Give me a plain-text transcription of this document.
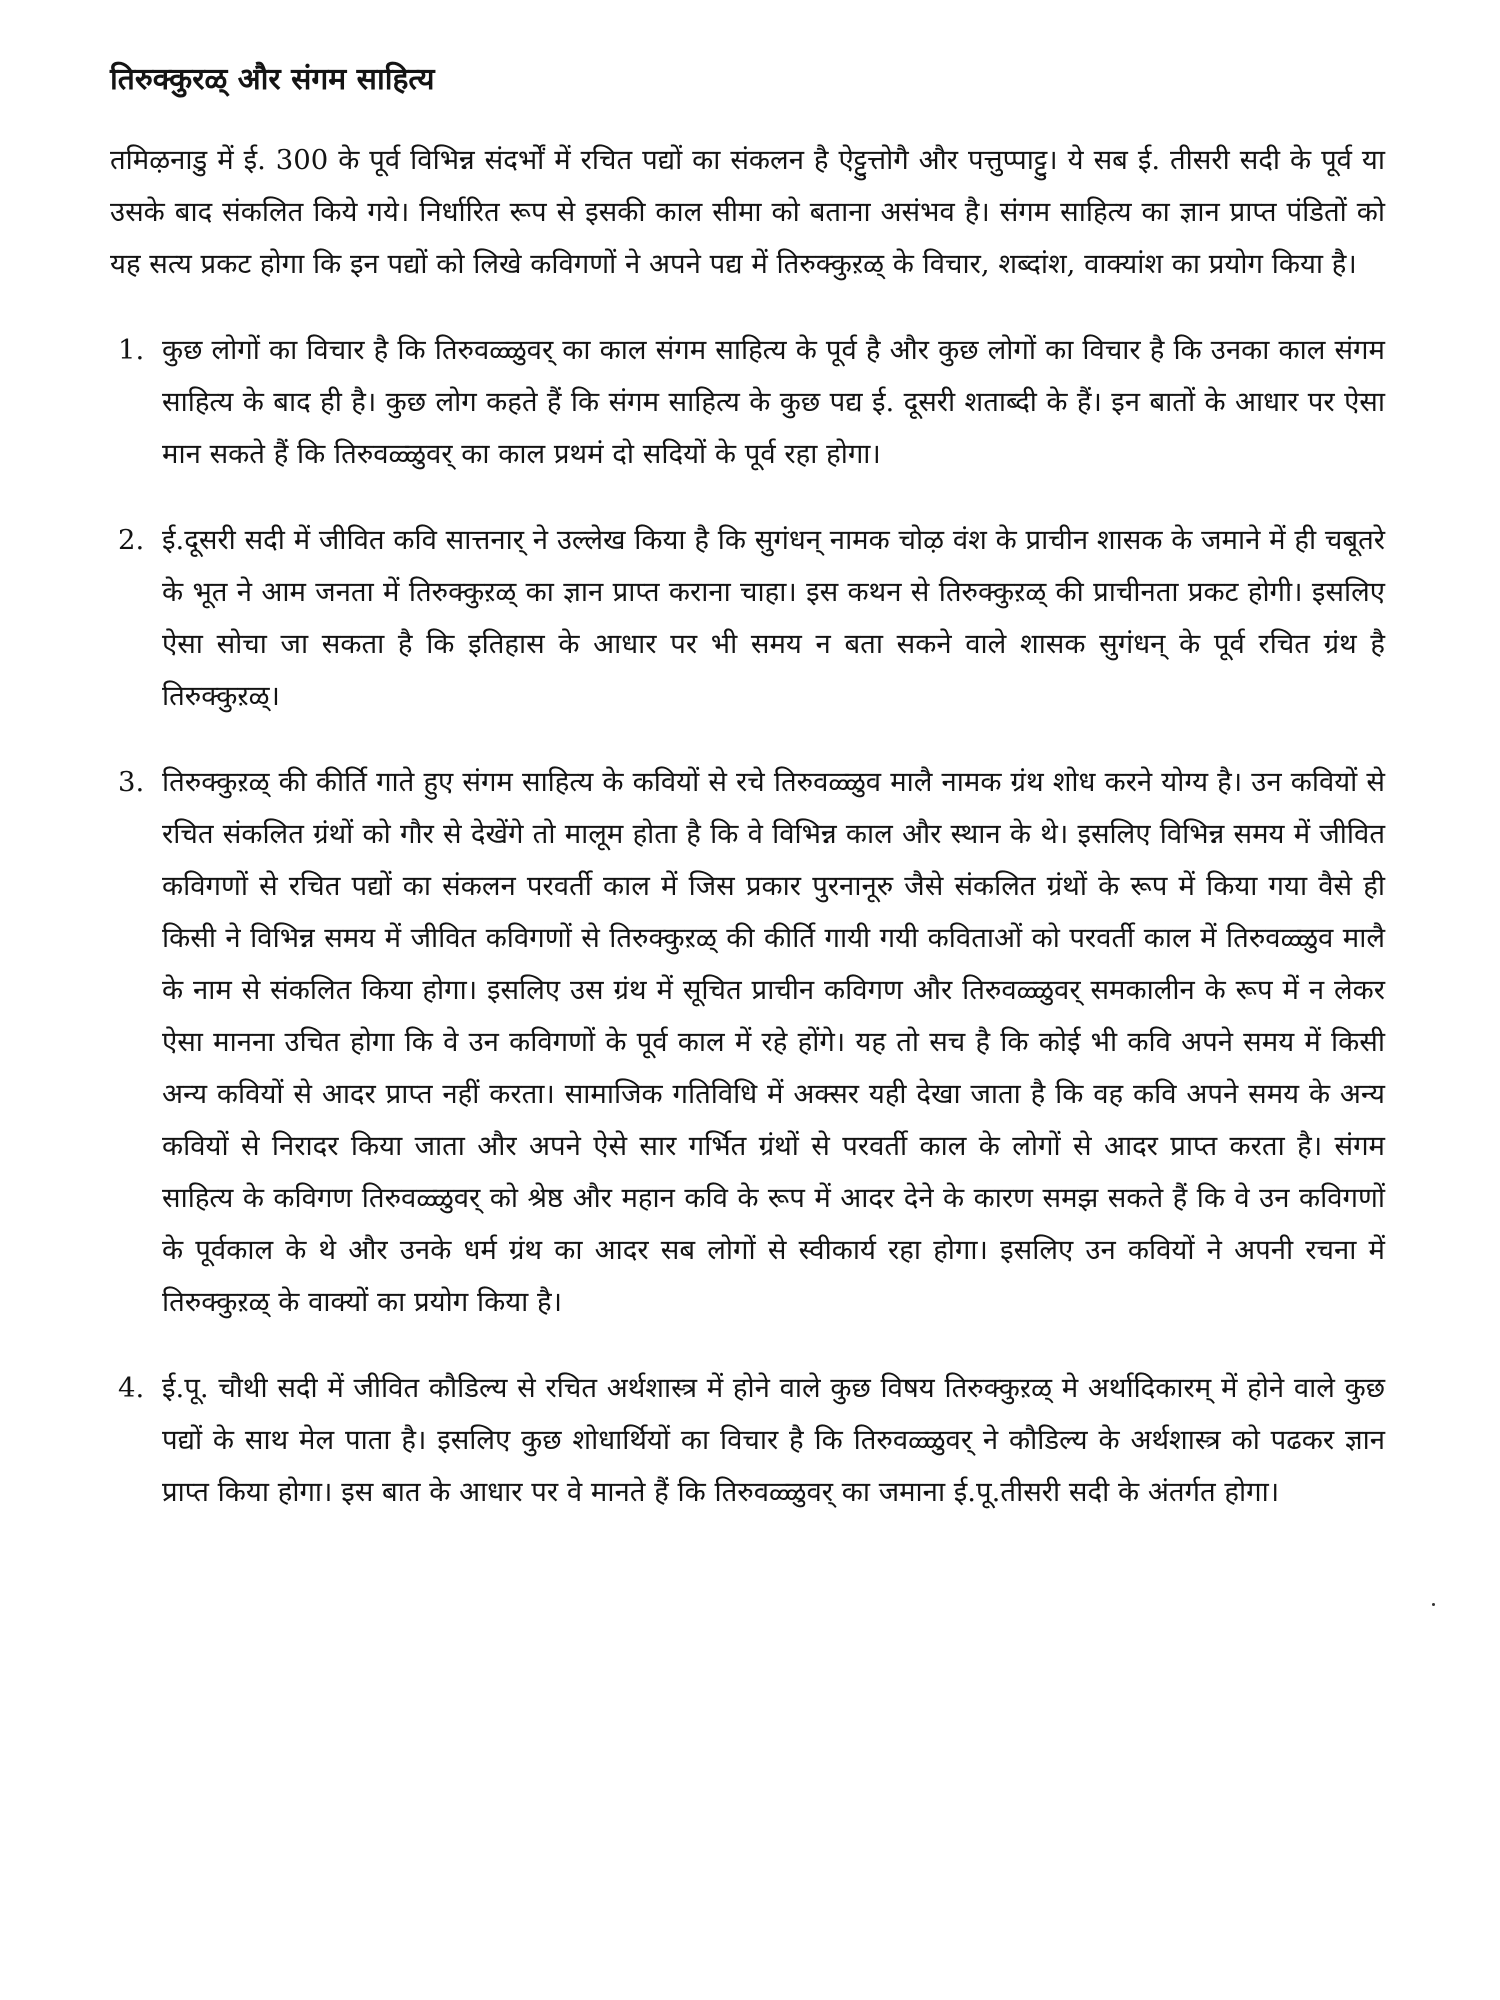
तिरुक्कुरळ् और संगम साहित्य

तमिऴनाडु में ई. 300 के पूर्व विभिन्न संदर्भों में रचित पद्यों का संकलन है ऐट्टुत्तोगै और पत्तुप्पाट्टु। ये सब ई. तीसरी सदी के पूर्व या उसके बाद संकलित किये गये। निर्धारित रूप से इसकी काल सीमा को बताना असंभव है। संगम साहित्य का ज्ञान प्राप्त पंडितों को यह सत्य प्रकट होगा कि इन पद्यों को लिखे कविगणों ने अपने पद्य में तिरुक्कुऱळ् के विचार, शब्दांश, वाक्यांश का प्रयोग किया है।

1. कुछ लोगों का विचार है कि तिरुवळ्ळुवर् का काल संगम साहित्य के पूर्व है और कुछ लोगों का विचार है कि उनका काल संगम साहित्य के बाद ही है। कुछ लोग कहते हैं कि संगम साहित्य के कुछ पद्य ई. दूसरी शताब्दी के हैं। इन बातों के आधार पर ऐसा मान सकते हैं कि तिरुवळ्ळुवर् का काल प्रथमं दो सदियों के पूर्व रहा होगा।
2. ई.दूसरी सदी में जीवित कवि सात्तनार् ने उल्लेख किया है कि सुगंधन् नामक चोऴ वंश के प्राचीन शासक के जमाने में ही चबूतरे के भूत ने आम जनता में तिरुक्कुऱळ् का ज्ञान प्राप्त कराना चाहा। इस कथन से तिरुक्कुऱळ् की प्राचीनता प्रकट होगी। इसलिए ऐसा सोचा जा सकता है कि इतिहास के आधार पर भी समय न बता सकने वाले शासक सुगंधन् के पूर्व रचित ग्रंथ है तिरुक्कुऱळ्।
3. तिरुक्कुऱळ् की कीर्ति गाते हुए संगम साहित्य के कवियों से रचे तिरुवळ्ळुव मालै नामक ग्रंथ शोध करने योग्य है। उन कवियों से रचित संकलित ग्रंथों को गौर से देखेंगे तो मालूम होता है कि वे विभिन्न काल और स्थान के थे। इसलिए विभिन्न समय में जीवित कविगणों से रचित पद्यों का संकलन परवर्ती काल में जिस प्रकार पुरनानूरु जैसे संकलित ग्रंथों के रूप में किया गया वैसे ही किसी ने विभिन्न समय में जीवित कविगणों से तिरुक्कुऱळ् की कीर्ति गायी गयी कविताओं को परवर्ती काल में तिरुवळ्ळुव मालै के नाम से संकलित किया होगा। इसलिए उस ग्रंथ में सूचित प्राचीन कविगण और तिरुवळ्ळुवर् समकालीन के रूप में न लेकर ऐसा मानना उचित होगा कि वे उन कविगणों के पूर्व काल में रहे होंगे। यह तो सच है कि कोई भी कवि अपने समय में किसी अन्य कवियों से आदर प्राप्त नहीं करता। सामाजिक गतिविधि में अक्सर यही देखा जाता है कि वह कवि अपने समय के अन्य कवियों से निरादर किया जाता और अपने ऐसे सार गर्भित ग्रंथों से परवर्ती काल के लोगों से आदर प्राप्त करता है। संगम साहित्य के कविगण तिरुवळ्ळुवर् को श्रेष्ठ और महान कवि के रूप में आदर देने के कारण समझ सकते हैं कि वे उन कविगणों के पूर्वकाल के थे और उनके धर्म ग्रंथ का आदर सब लोगों से स्वीकार्य रहा होगा। इसलिए उन कवियों ने अपनी रचना में तिरुक्कुऱळ् के वाक्यों का प्रयोग किया है।
4. ई.पू. चौथी सदी में जीवित कौडिल्य से रचित अर्थशास्त्र में होने वाले कुछ विषय तिरुक्कुऱळ् मे अर्थादिकारम् में होने वाले कुछ पद्यों के साथ मेल पाता है। इसलिए कुछ शोधार्थियों का विचार है कि तिरुवळ्ळुवर् ने कौडिल्य के अर्थशास्त्र को पढकर ज्ञान प्राप्त किया होगा। इस बात के आधार पर वे मानते हैं कि तिरुवळ्ळुवर् का जमाना ई.पू.तीसरी सदी के अंतर्गत होगा।
